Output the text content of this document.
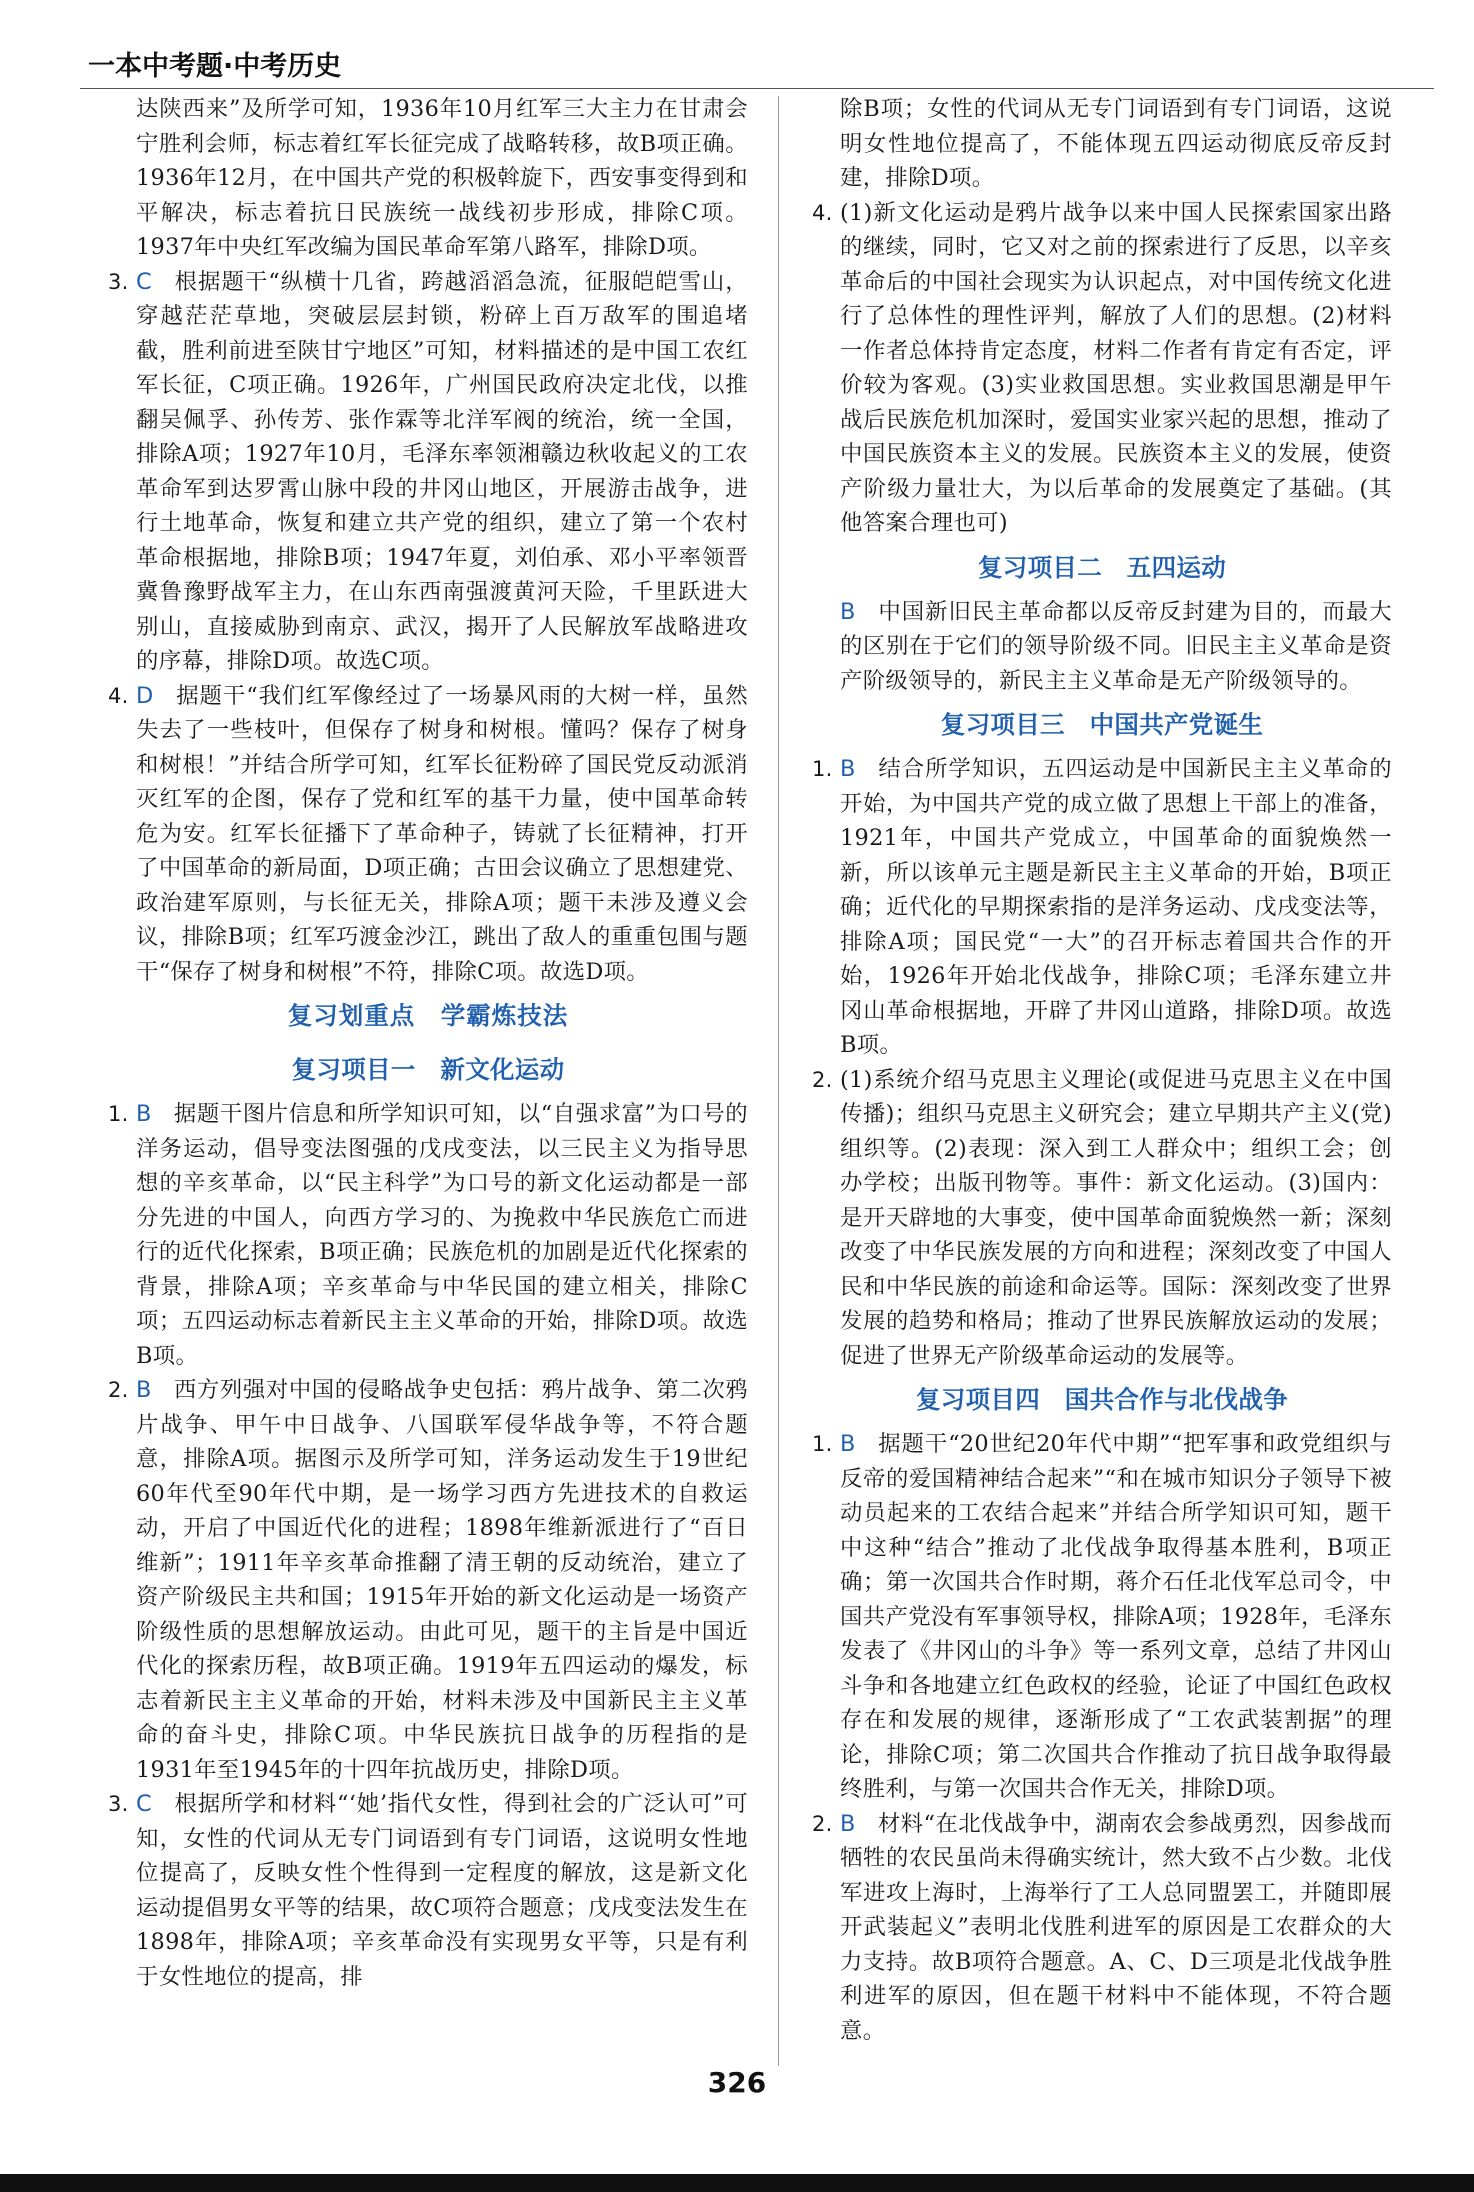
一本中考题·中考历史

达陕西来”及所学可知，1936年10月红军三大主力在甘肃会宁胜利会师，标志着红军长征完成了战略转移，故B项正确。1936年12月，在中国共产党的积极斡旋下，西安事变得到和平解决，标志着抗日民族统一战线初步形成，排除C项。1937年中央红军改编为国民革命军第八路军，排除D项。

3. C 根据题干“纵横十几省，跨越滔滔急流，征服皑皑雪山，穿越茫茫草地，突破层层封锁，粉碎上百万敌军的围追堵截，胜利前进至陕甘宁地区”可知，材料描述的是中国工农红军长征，C项正确。1926年，广州国民政府决定北伐，以推翻吴佩孚、孙传芳、张作霖等北洋军阀的统治，统一全国，排除A项；1927年10月，毛泽东率领湘赣边秋收起义的工农革命军到达罗霄山脉中段的井冈山地区，开展游击战争，进行土地革命，恢复和建立共产党的组织，建立了第一个农村革命根据地，排除B项；1947年夏，刘伯承、邓小平率领晋冀鲁豫野战军主力，在山东西南强渡黄河天险，千里跃进大别山，直接威胁到南京、武汉，揭开了人民解放军战略进攻的序幕，排除D项。故选C项。

4. D 据题干“我们红军像经过了一场暴风雨的大树一样，虽然失去了一些枝叶，但保存了树身和树根。懂吗？保存了树身和树根！”并结合所学可知，红军长征粉碎了国民党反动派消灭红军的企图，保存了党和红军的基干力量，使中国革命转危为安。红军长征播下了革命种子，铸就了长征精神，打开了中国革命的新局面，D项正确；古田会议确立了思想建党、政治建军原则，与长征无关，排除A项；题干未涉及遵义会议，排除B项；红军巧渡金沙江，跳出了敌人的重重包围与题干“保存了树身和树根”不符，排除C项。故选D项。

复习划重点　学霸炼技法

复习项目一　新文化运动

1. B 据题干图片信息和所学知识可知，以“自强求富”为口号的洋务运动，倡导变法图强的戊戌变法，以三民主义为指导思想的辛亥革命，以“民主科学”为口号的新文化运动都是一部分先进的中国人，向西方学习的、为挽救中华民族危亡而进行的近代化探索，B项正确；民族危机的加剧是近代化探索的背景，排除A项；辛亥革命与中华民国的建立相关，排除C项；五四运动标志着新民主主义革命的开始，排除D项。故选B项。

2. B 西方列强对中国的侵略战争史包括：鸦片战争、第二次鸦片战争、甲午中日战争、八国联军侵华战争等，不符合题意，排除A项。据图示及所学可知，洋务运动发生于19世纪60年代至90年代中期，是一场学习西方先进技术的自救运动，开启了中国近代化的进程；1898年维新派进行了“百日维新”；1911年辛亥革命推翻了清王朝的反动统治，建立了资产阶级民主共和国；1915年开始的新文化运动是一场资产阶级性质的思想解放运动。由此可见，题干的主旨是中国近代化的探索历程，故B项正确。1919年五四运动的爆发，标志着新民主主义革命的开始，材料未涉及中国新民主主义革命的奋斗史，排除C项。中华民族抗日战争的历程指的是1931年至1945年的十四年抗战历史，排除D项。

3. C 根据所学和材料“‘她’指代女性，得到社会的广泛认可”可知，女性的代词从无专门词语到有专门词语，这说明女性地位提高了，反映女性个性得到一定程度的解放，这是新文化运动提倡男女平等的结果，故C项符合题意；戊戌变法发生在1898年，排除A项；辛亥革命没有实现男女平等，只是有利于女性地位的提高，排

除B项；女性的代词从无专门词语到有专门词语，这说明女性地位提高了，不能体现五四运动彻底反帝反封建，排除D项。

4. (1)新文化运动是鸦片战争以来中国人民探索国家出路的继续，同时，它又对之前的探索进行了反思，以辛亥革命后的中国社会现实为认识起点，对中国传统文化进行了总体性的理性评判，解放了人们的思想。(2)材料一作者总体持肯定态度，材料二作者有肯定有否定，评价较为客观。(3)实业救国思想。实业救国思潮是甲午战后民族危机加深时，爱国实业家兴起的思想，推动了中国民族资本主义的发展。民族资本主义的发展，使资产阶级力量壮大，为以后革命的发展奠定了基础。(其他答案合理也可)

复习项目二　五四运动

B 中国新旧民主革命都以反帝反封建为目的，而最大的区别在于它们的领导阶级不同。旧民主主义革命是资产阶级领导的，新民主主义革命是无产阶级领导的。

复习项目三　中国共产党诞生

1. B 结合所学知识，五四运动是中国新民主主义革命的开始，为中国共产党的成立做了思想上干部上的准备，1921年，中国共产党成立，中国革命的面貌焕然一新，所以该单元主题是新民主主义革命的开始，B项正确；近代化的早期探索指的是洋务运动、戊戌变法等，排除A项；国民党“一大”的召开标志着国共合作的开始，1926年开始北伐战争，排除C项；毛泽东建立井冈山革命根据地，开辟了井冈山道路，排除D项。故选B项。

2. (1)系统介绍马克思主义理论(或促进马克思主义在中国传播)；组织马克思主义研究会；建立早期共产主义(党)组织等。(2)表现：深入到工人群众中；组织工会；创办学校；出版刊物等。事件：新文化运动。(3)国内：是开天辟地的大事变，使中国革命面貌焕然一新；深刻改变了中华民族发展的方向和进程；深刻改变了中国人民和中华民族的前途和命运等。国际：深刻改变了世界发展的趋势和格局；推动了世界民族解放运动的发展；促进了世界无产阶级革命运动的发展等。

复习项目四　国共合作与北伐战争

1. B 据题干“20世纪20年代中期”“把军事和政党组织与反帝的爱国精神结合起来”“和在城市知识分子领导下被动员起来的工农结合起来”并结合所学知识可知，题干中这种“结合”推动了北伐战争取得基本胜利，B项正确；第一次国共合作时期，蒋介石任北伐军总司令，中国共产党没有军事领导权，排除A项；1928年，毛泽东发表了《井冈山的斗争》等一系列文章，总结了井冈山斗争和各地建立红色政权的经验，论证了中国红色政权存在和发展的规律，逐渐形成了“工农武装割据”的理论，排除C项；第二次国共合作推动了抗日战争取得最终胜利，与第一次国共合作无关，排除D项。

2. B 材料“在北伐战争中，湖南农会参战勇烈，因参战而牺牲的农民虽尚未得确实统计，然大致不占少数。北伐军进攻上海时，上海举行了工人总同盟罢工，并随即展开武装起义”表明北伐胜利进军的原因是工农群众的大力支持。故B项符合题意。A、C、D三项是北伐战争胜利进军的原因，但在题干材料中不能体现，不符合题意。

326
